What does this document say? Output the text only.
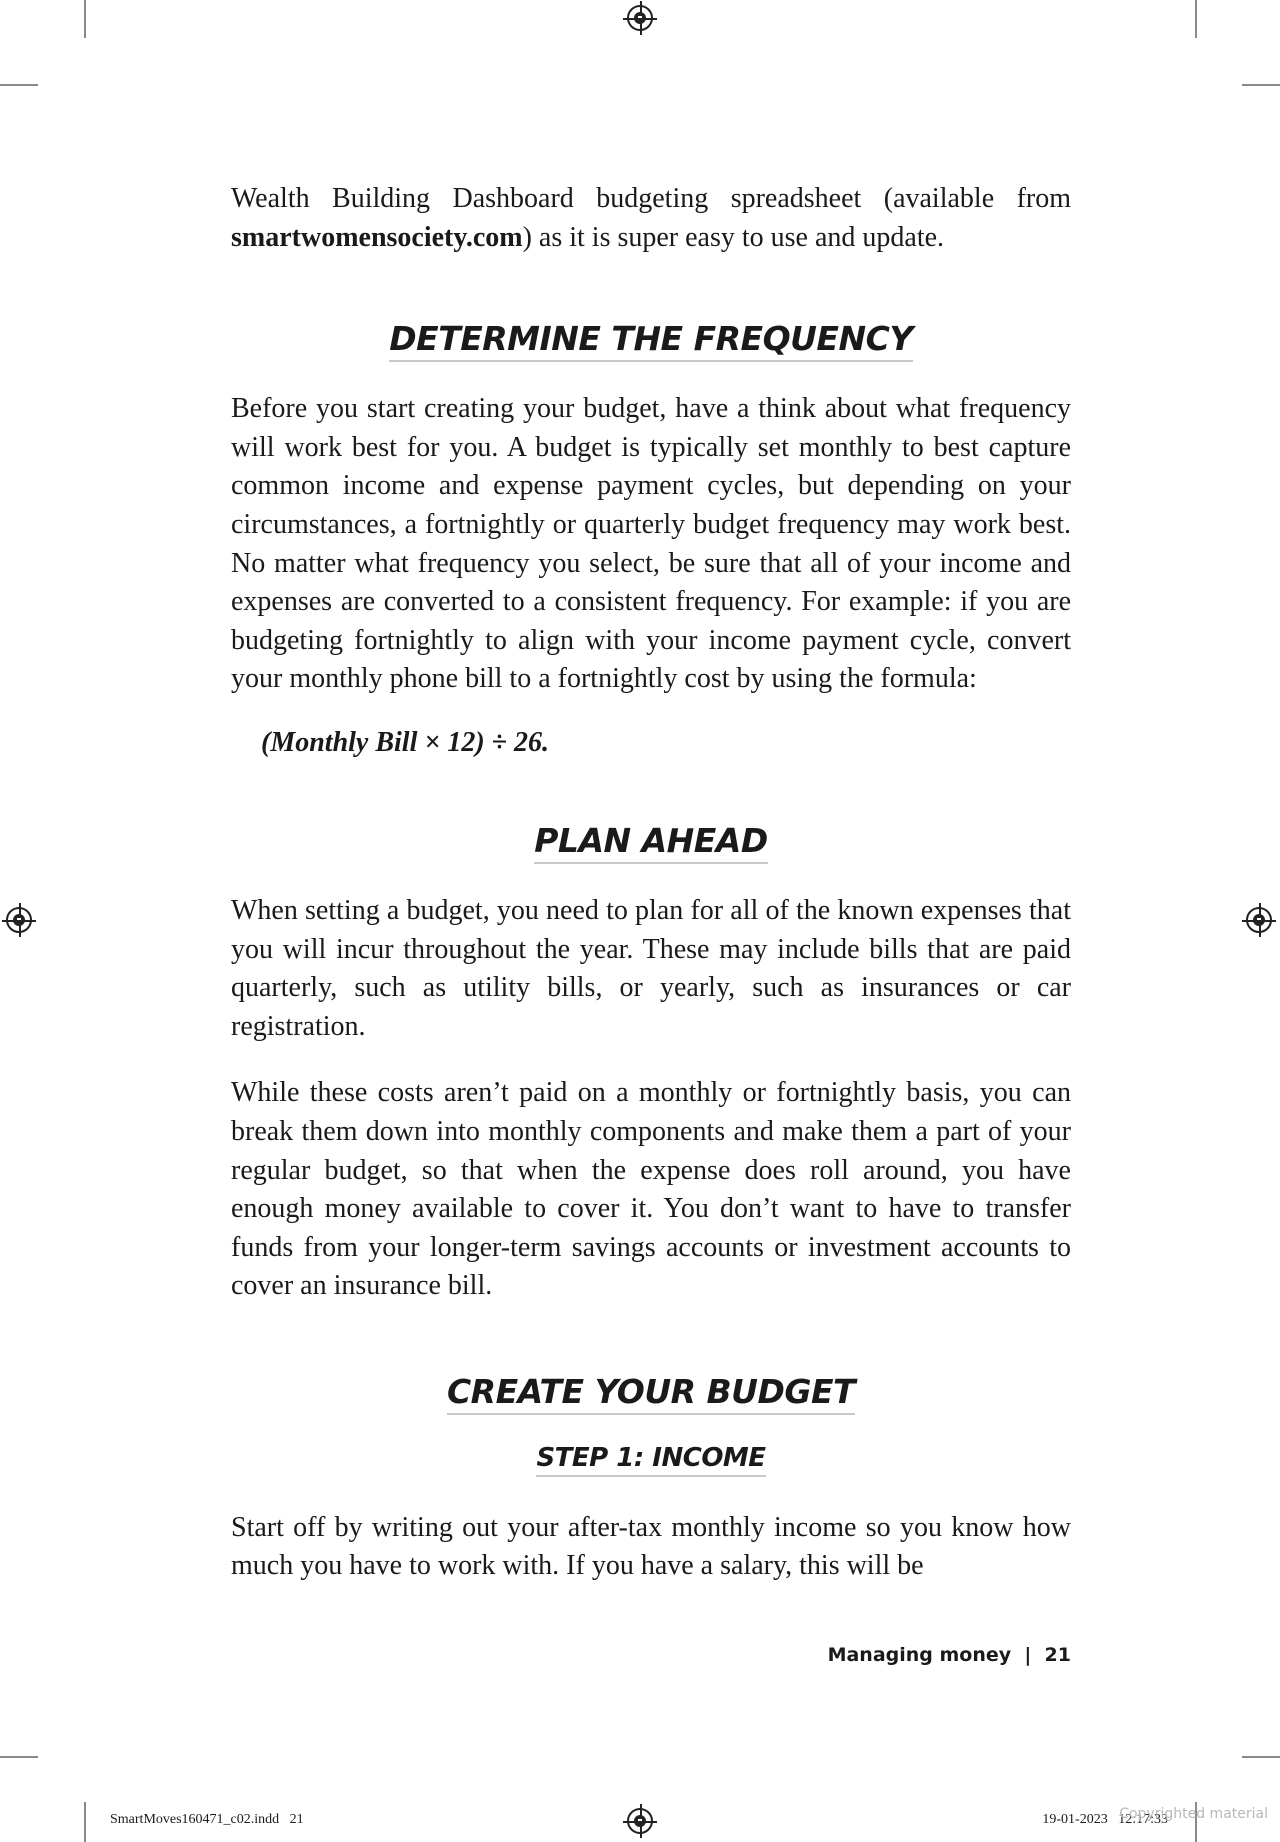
Wealth Building Dashboard budgeting spreadsheet (available from smartwomensociety.com) as it is super easy to use and update.

DETERMINE THE FREQUENCY

Before you start creating your budget, have a think about what frequency will work best for you. A budget is typically set monthly to best capture common income and expense payment cycles, but depending on your circumstances, a fortnightly or quarterly budget frequency may work best. No matter what frequency you select, be sure that all of your income and expenses are converted to a consistent frequency. For example: if you are budgeting fortnightly to align with your income payment cycle, convert your monthly phone bill to a fortnightly cost by using the formula:

(Monthly Bill × 12) ÷ 26.
PLAN AHEAD

When setting a budget, you need to plan for all of the known expenses that you will incur throughout the year. These may include bills that are paid quarterly, such as utility bills, or yearly, such as insurances or car registration.

While these costs aren’t paid on a monthly or fortnightly basis, you can break them down into monthly components and make them a part of your regular budget, so that when the expense does roll around, you have enough money available to cover it. You don’t want to have to transfer funds from your longer-term savings accounts or investment accounts to cover an insurance bill.

CREATE YOUR BUDGET
STEP 1: INCOME

Start off by writing out your after-tax monthly income so you know how much you have to work with. If you have a salary, this will be

Managing money  |  21
SmartMoves160471_c02.indd   21	19-01-2023   12:17:33
Copyrighted material
